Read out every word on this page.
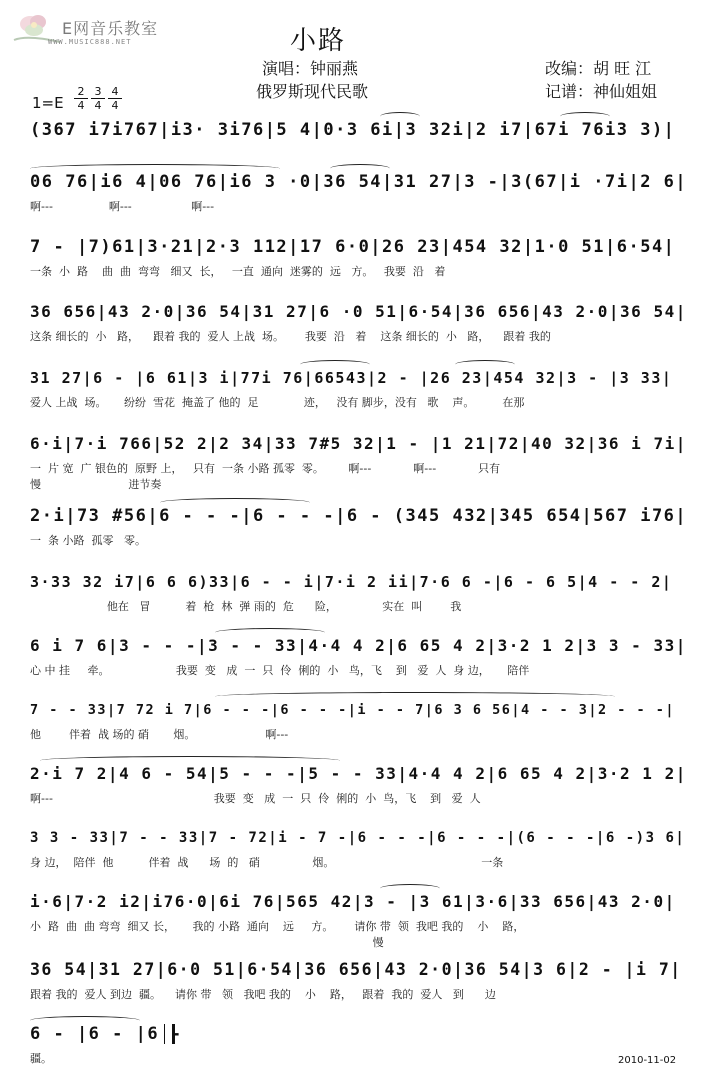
E网音乐教室
WWW.MUSIC888.NET	小路
演唱：钟丽燕
俄罗斯现代民歌
改编：胡 旺 江
记谱：神仙姐姐
1=E
2
4
3
4
4
4
(367 i7i767|i3· 3i76|5 4|0·3 6i|3 32i|2 i7|67i 76i3 3)|
06 76|i6 4|06 76|i6 3 ·0|36 54|31 27|3 -|3(67|i ·7i|2 6|
啊---                啊---                 啊---
7 - |7)61|3·21|2·3 112|17 6·0|26 23|454 32|1·0 51|6·54|
一条  小  路    曲  曲  弯弯   细又  长，   一直  通向  迷雾的  远   方。   我要  沿   着
36 656|43 2·0|36 54|31 27|6 ·0 51|6·54|36 656|43 2·0|36 54|
这条 细长的  小   路，    跟着 我的  爱人 上战  场。      我要  沿   着    这条 细长的  小   路，    跟着 我的
31 27|6 - |6 61|3 i|77i 76|66543|2 - |26 23|454 32|3 - |3 33|
爱人 上战  场。     纷纷  雪花  掩盖了 他的  足             迹，   没有 脚步，没有   歌    声。        在那
6·i|7·i 766|52 2|2 34|33 7#5 32|1 - |1 21|72|40 32|36 i 7i|
一  片 宽  广 银色的  原野 上，   只有  一条 小路 孤零  零。       啊---            啊---            只有
慢                         进节奏
2·i|73 #56|6 - - -|6 - - -|6 - (345 432|345 654|567 i76|
一  条 小路  孤零   零。
3·33 32 i7|6 6 6)33|6 - - i|7·i 2 ii|7·6 6 -|6 - 6 5|4 - - 2|
他在   冒          着  枪  林  弹 雨的  危      险，             实在  叫        我
6 i 7 6|3 - - -|3 - - 33|4·4 4 2|6 65 4 2|3·2 1 2|3 3 - 33|
心 中 挂     牵。                   我要  变   成  一  只  伶  俐的  小   鸟，飞    到   爱  人  身 边，     陪伴
7 - - 33|7 72 i 7|6 - - -|6 - - -|i - - 7|6 3 6 56|4 - - 3|2 - - -|
他        伴着  战 场的 硝       烟。                    啊---
2·i 7 2|4 6 - 54|5 - - -|5 - - 33|4·4 4 2|6 65 4 2|3·2 1 2|
啊---                                              我要  变   成  一  只  伶  俐的  小  鸟，飞    到   爱  人
3 3 - 33|7 - - 33|7 - 72|i - 7 -|6 - - -|6 - - -|(6 - - -|6 -)3 6|
身 边，  陪伴  他          伴着  战      场  的   硝               烟。                                          一条
i·6|7·2 i2|i76·0|6i 76|565 42|3 - |3 61|3·6|33 656|43 2·0|
小  路  曲  曲 弯弯  细又 长，     我的 小路  通向    远     方。      请你 带  领  我吧 我的    小    路，
慢
36 54|31 27|6·0 51|6·54|36 656|43 2·0|36 54|3 6|2 - |i 7|
跟着 我的  爱人 到边  疆。    请你 带   领   我吧 我的    小    路，   跟着  我的  爱人   到      边
6 - |6 - |6 -
疆。	2010-11-02
